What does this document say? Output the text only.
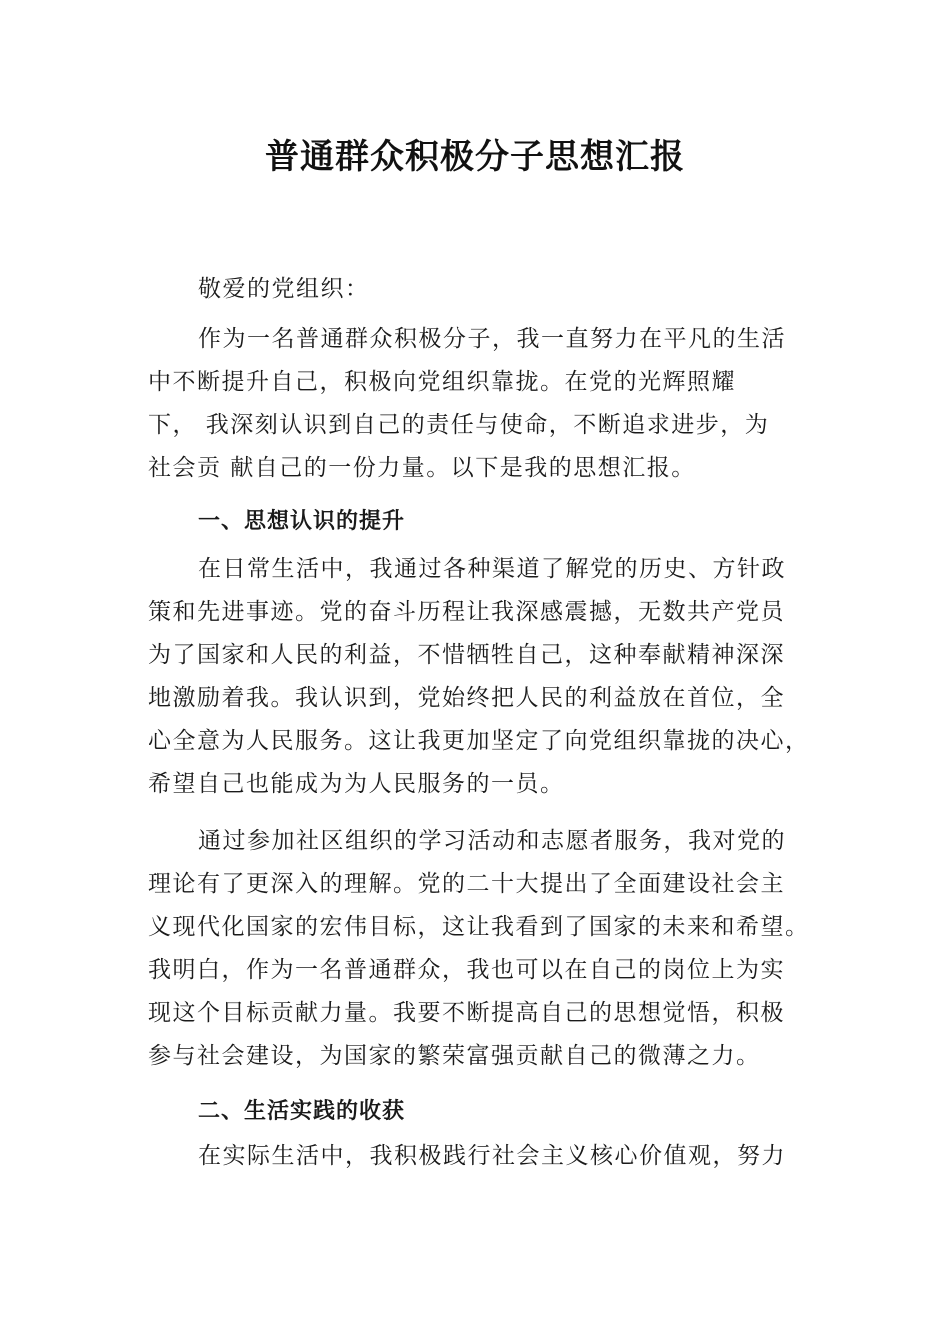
普通群众积极分子思想汇报
敬爱的党组织：
作为一名普通群众积极分子，我一直努力在平凡的生活
中不断提升自己，积极向党组织靠拢。在党的光辉照耀
下， 我深刻认识到自己的责任与使命，不断追求进步，为
社会贡 献自己的一份力量。以下是我的思想汇报。
一、思想认识的提升
在日常生活中，我通过各种渠道了解党的历史、方针政
策和先进事迹。党的奋斗历程让我深感震撼，无数共产党员
为了国家和人民的利益，不惜牺牲自己，这种奉献精神深深
地激励着我。我认识到，党始终把人民的利益放在首位，全
心全意为人民服务。这让我更加坚定了向党组织靠拢的决心，
希望自己也能成为为人民服务的一员。
通过参加社区组织的学习活动和志愿者服务，我对党的
理论有了更深入的理解。党的二十大提出了全面建设社会主
义现代化国家的宏伟目标，这让我看到了国家的未来和希望。
我明白，作为一名普通群众，我也可以在自己的岗位上为实
现这个目标贡献力量。我要不断提高自己的思想觉悟，积极
参与社会建设，为国家的繁荣富强贡献自己的微薄之力。
二、生活实践的收获
在实际生活中，我积极践行社会主义核心价值观，努力
